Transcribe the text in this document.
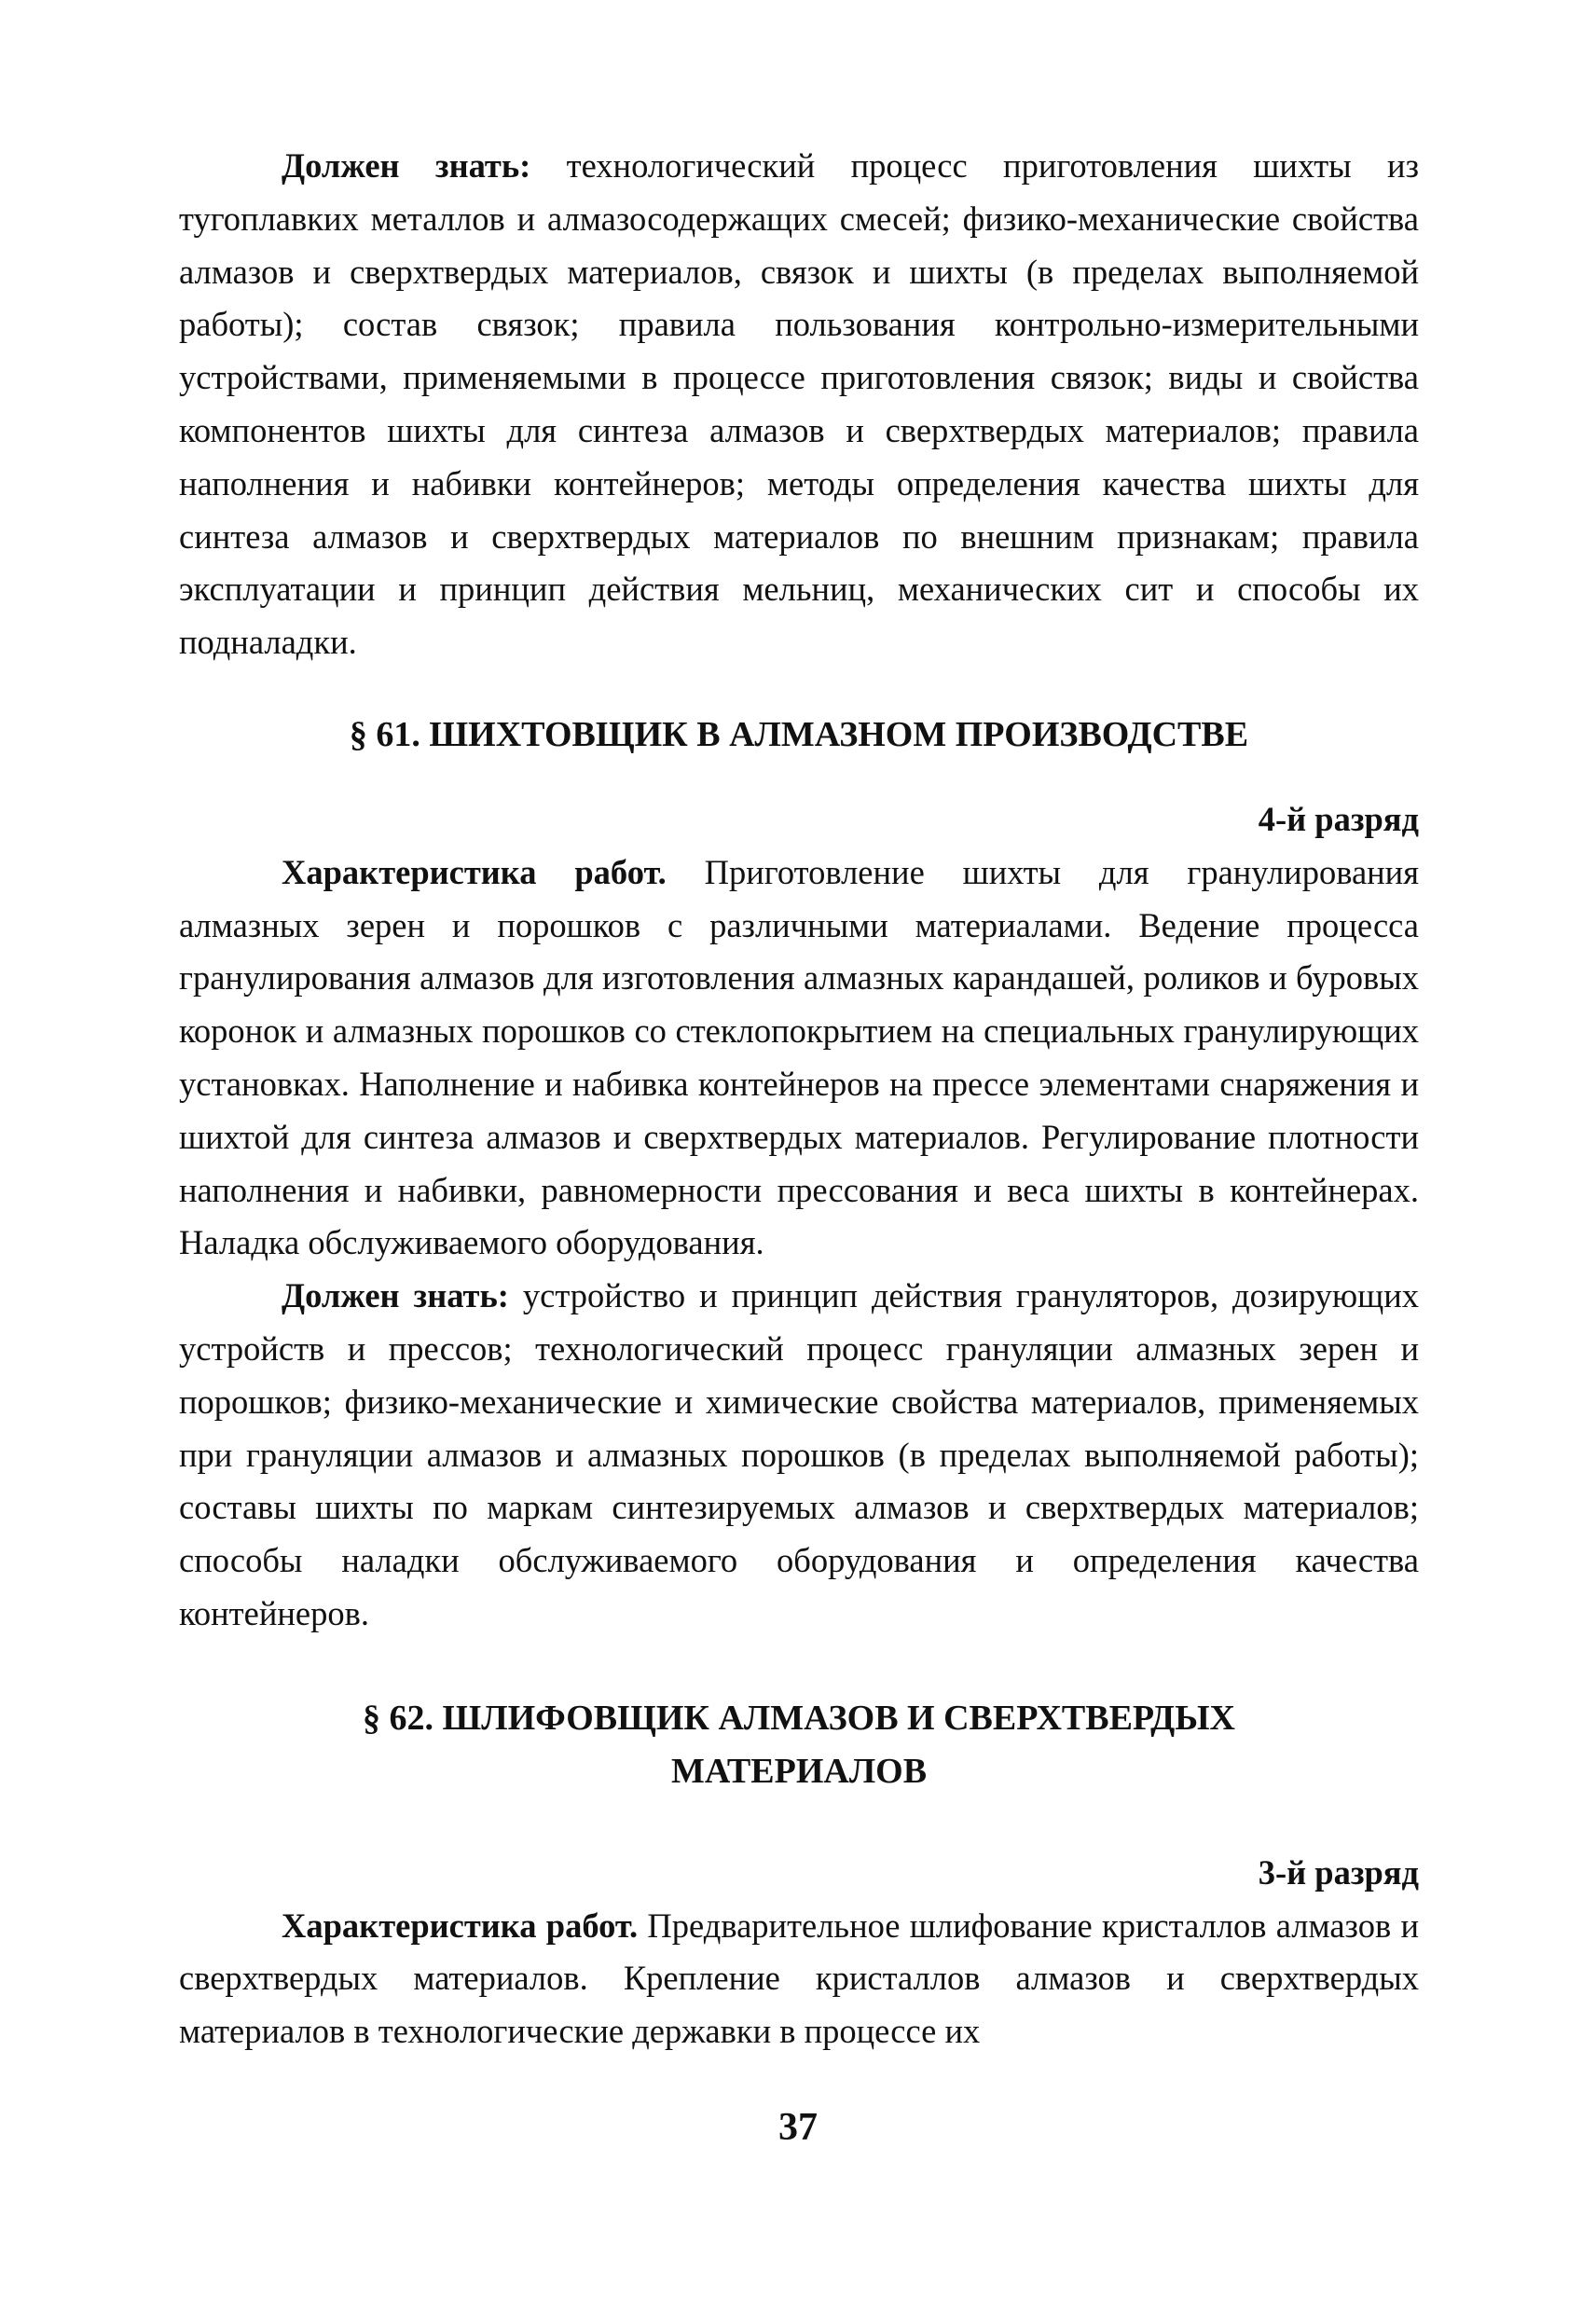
Должен знать: технологический процесс приготовления шихты из тугоплавких металлов и алмазосодержащих смесей; физико-механические свойства алмазов и сверхтвердых материалов, связок и шихты (в пределах выполняемой работы); состав связок; правила пользования контрольно-измерительными устройствами, применяемыми в процессе приготовления связок; виды и свойства компонентов шихты для синтеза алмазов и сверхтвердых материалов; правила наполнения и набивки контейнеров; методы определения качества шихты для синтеза алмазов и сверхтвердых материалов по внешним признакам; правила эксплуатации и принцип действия мельниц, механических сит и способы их подналадки.

§ 61. ШИХТОВЩИК В АЛМАЗНОМ ПРОИЗВОДСТВЕ
4-й разряд

Характеристика работ. Приготовление шихты для гранулирования алмазных зерен и порошков с различными материалами. Ведение процесса гранулирования алмазов для изготовления алмазных карандашей, роликов и буровых коронок и алмазных порошков со стеклопокрытием на специальных гранулирующих установках. Наполнение и набивка контейнеров на прессе элементами снаряжения и шихтой для синтеза алмазов и сверхтвердых материалов. Регулирование плотности наполнения и набивки, равномерности прессования и веса шихты в контейнерах. Наладка обслуживаемого оборудования.

Должен знать: устройство и принцип действия грануляторов, дозирующих устройств и прессов; технологический процесс грануляции алмазных зерен и порошков; физико-механические и химические свойства материалов, применяемых при грануляции алмазов и алмазных порошков (в пределах выполняемой работы); составы шихты по маркам синтезируемых алмазов и сверхтвердых материалов; способы наладки обслуживаемого оборудования и определения качества контейнеров.

§ 62. ШЛИФОВЩИК АЛМАЗОВ И СВЕРХТВЕРДЫХ
МАТЕРИАЛОВ
3-й разряд

Характеристика работ. Предварительное шлифование кристаллов алмазов и сверхтвердых материалов. Крепление кристаллов алмазов и сверхтвердых материалов в технологические державки в процессе их

37
